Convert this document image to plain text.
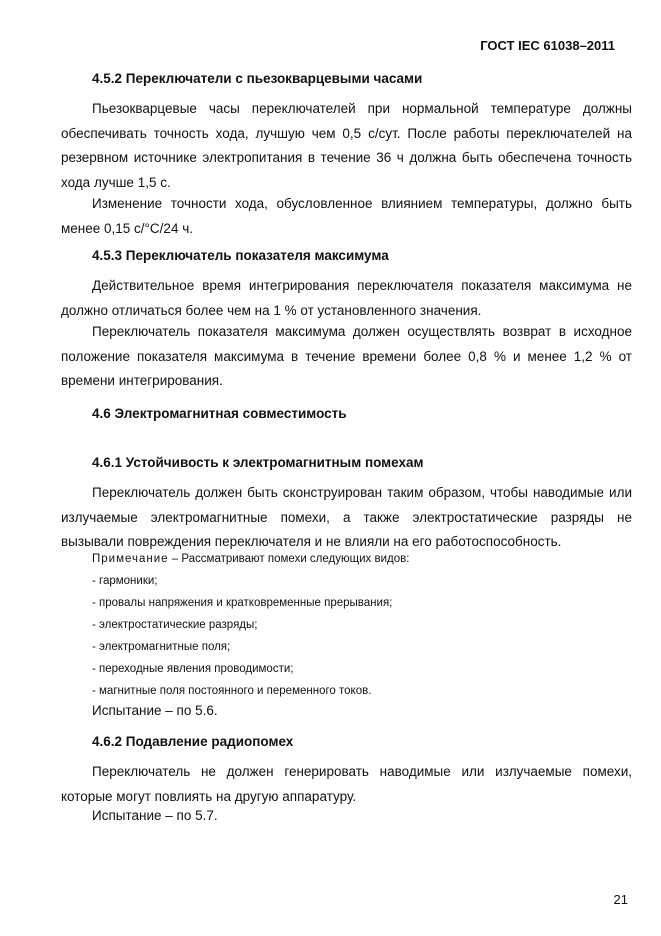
ГОСТ IEC 61038–2011
4.5.2 Переключатели с пьезокварцевыми часами

Пьезокварцевые часы переключателей при нормальной температуре должны обеспечивать точность хода, лучшую чем 0,5 с/сут. После работы переключателей на резервном источнике электропитания в течение 36 ч должна быть обеспечена точность хода лучше 1,5 с.

Изменение точности хода, обусловленное влиянием температуры, должно быть менее 0,15 с/°С/24 ч.

4.5.3 Переключатель показателя максимума

Действительное время интегрирования переключателя показателя максимума не должно отличаться более чем на 1 % от установленного значения.

Переключатель показателя максимума должен осуществлять возврат в исходное положение показателя максимума в течение времени более 0,8 % и менее 1,2 % от времени интегрирования.

4.6 Электромагнитная совместимость
4.6.1 Устойчивость к электромагнитным помехам

Переключатель должен быть сконструирован таким образом, чтобы наводимые или излучаемые электромагнитные помехи, а также электростатические разряды не вызывали повреждения переключателя и не влияли на его работоспособность.

Примечание – Рассматривают помехи следующих видов:
- гармоники;
- провалы напряжения и кратковременные прерывания;
- электростатические разряды;
- электромагнитные поля;
- переходные явления проводимости;
- магнитные поля постоянного и переменного токов.
Испытание – по 5.6.
4.6.2 Подавление радиопомех

Переключатель не должен генерировать наводимые или излучаемые помехи, которые могут повлиять на другую аппаратуру.

Испытание – по 5.7.
21
